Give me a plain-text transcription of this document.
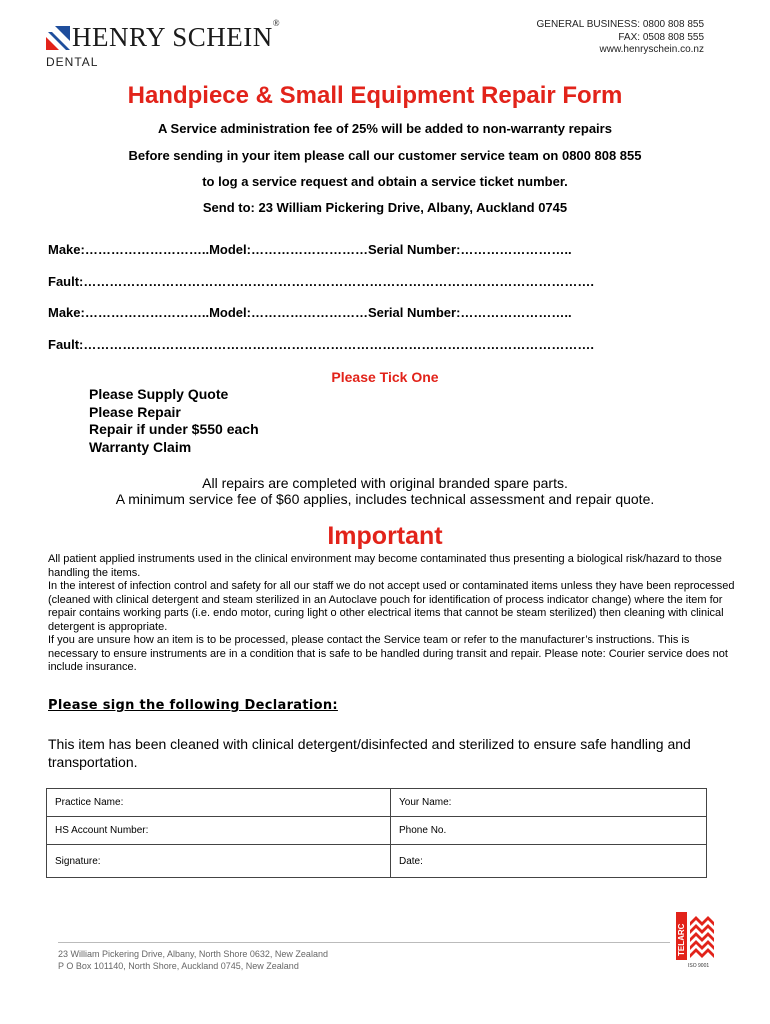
HENRY SCHEIN®
DENTAL
GENERAL BUSINESS: 0800 808 855
FAX: 0508 808 555
www.henryschein.co.nz
Handpiece & Small Equipment Repair Form
A Service administration fee of 25% will be added to non-warranty repairs
Before sending in your item please call our customer service team on 0800 808 855
to log a service request and obtain a service ticket number.
Send to: 23 William Pickering Drive, Albany, Auckland 0745
Make:………………………..Model:………………………Serial Number:……………………..
Fault:……………………………………………………………………………………………………….
Make:………………………..Model:………………………Serial Number:……………………..
Fault:……………………………………………………………………………………………………….
Please Tick One
Please Supply Quote
Please Repair
Repair if under $550 each
Warranty Claim
All repairs are completed with original branded spare parts.
A minimum service fee of $60 applies, includes technical assessment and repair quote.
Important
All patient applied instruments used in the clinical environment may become contaminated thus presenting a biological risk/hazard to those handling the items.
In the interest of infection control and safety for all our staff we do not accept used or contaminated items unless they have been reprocessed (cleaned with clinical detergent and steam sterilized in an Autoclave pouch for identification of process indicator change) where the item for repair contains working parts (i.e. endo motor, curing light o other electrical items that cannot be steam sterilized) then cleaning with clinical detergent is appropriate.
If you are unsure how an item is to be processed, please contact the Service team or refer to the manufacturer’s instructions. This is necessary to ensure instruments are in a condition that is safe to be handled during transit and repair. Please note: Courier service does not include insurance.
Please sign the following Declaration:
This item has been cleaned with clinical detergent/disinfected and sterilized to ensure safe handling and transportation.
Practice Name:	Your Name:
HS Account Number:	Phone No.
Signature:	Date:
23 William Pickering Drive, Albany, North Shore 0632, New Zealand
P O Box 101140, North Shore, Auckland 0745, New Zealand
TELARC
ISO 9001
